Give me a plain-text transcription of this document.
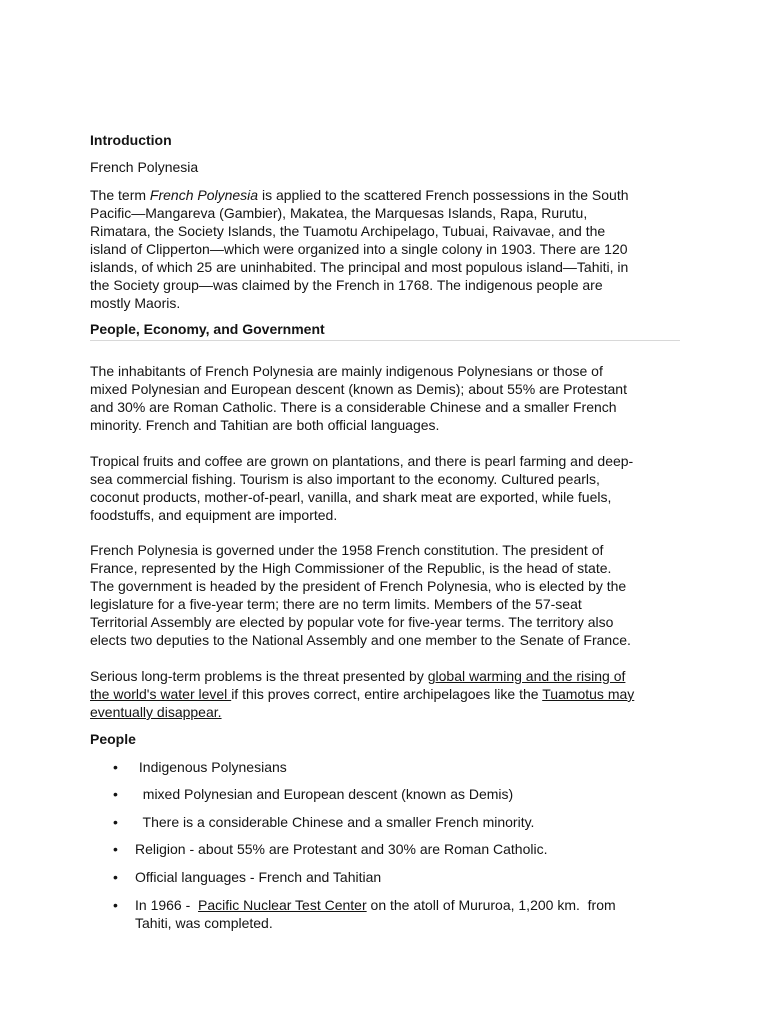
Introduction
French Polynesia
The term French Polynesia is applied to the scattered French possessions in the South
Pacific—Mangareva (Gambier), Makatea, the Marquesas Islands, Rapa, Rurutu,
Rimatara, the Society Islands, the Tuamotu Archipelago, Tubuai, Raivavae, and the
island of Clipperton—which were organized into a single colony in 1903. There are 120
islands, of which 25 are uninhabited. The principal and most populous island—Tahiti, in
the Society group—was claimed by the French in 1768. The indigenous people are
mostly Maoris.
People, Economy, and Government
The inhabitants of French Polynesia are mainly indigenous Polynesians or those of
mixed Polynesian and European descent (known as Demis); about 55% are Protestant
and 30% are Roman Catholic. There is a considerable Chinese and a smaller French
minority. French and Tahitian are both official languages.
Tropical fruits and coffee are grown on plantations, and there is pearl farming and deep-
sea commercial fishing. Tourism is also important to the economy. Cultured pearls,
coconut products, mother-of-pearl, vanilla, and shark meat are exported, while fuels,
foodstuffs, and equipment are imported.
French Polynesia is governed under the 1958 French constitution. The president of
France, represented by the High Commissioner of the Republic, is the head of state.
The government is headed by the president of French Polynesia, who is elected by the
legislature for a five-year term; there are no term limits. Members of the 57-seat
Territorial Assembly are elected by popular vote for five-year terms. The territory also
elects two deputies to the National Assembly and one member to the Senate of France.
Serious long-term problems is the threat presented by global warming and the rising of
the world's water level if this proves correct, entire archipelagoes like the Tuamotus may
eventually disappear.
People
• Indigenous Polynesians
• mixed Polynesian and European descent (known as Demis)
• There is a considerable Chinese and a smaller French minority.
• Religion - about 55% are Protestant and 30% are Roman Catholic.
• Official languages - French and Tahitian
• In 1966 -  Pacific Nuclear Test Center on the atoll of Mururoa, 1,200 km.  from
Tahiti, was completed.
